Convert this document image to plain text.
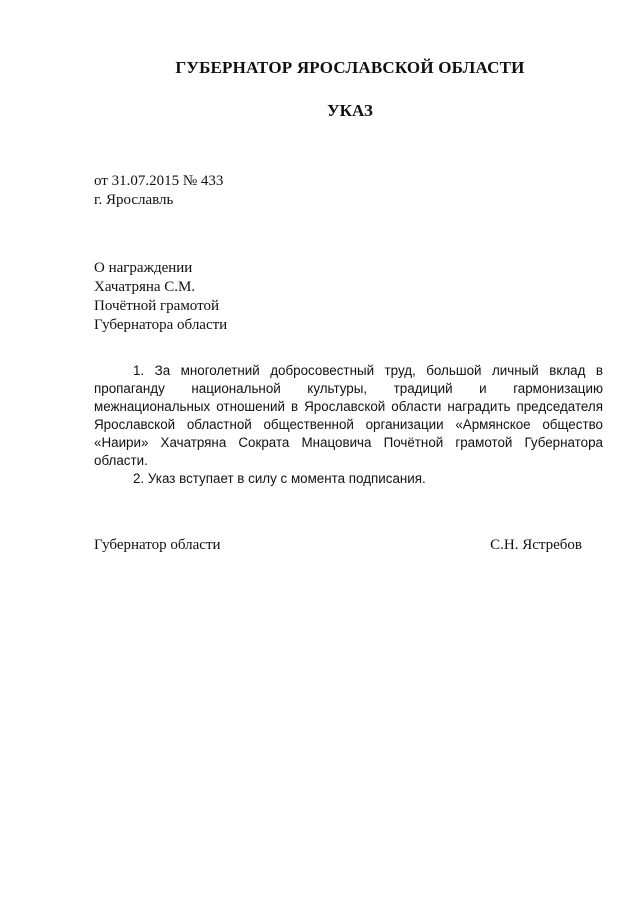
ГУБЕРНАТОР ЯРОСЛАВСКОЙ ОБЛАСТИ
УКАЗ
от 31.07.2015 № 433
г. Ярославль
О награждении
Хачатряна С.М.
Почётной грамотой
Губернатора области

1. За многолетний добросовестный труд, большой личный вклад в пропаганду национальной культуры, традиций и гармонизацию межнациональных отношений в Ярославской области наградить председателя Ярославской областной общественной организации «Армянское общество «Наири» Хачатряна Сократа Мнацовича Почётной грамотой Губернатора области.

2. Указ вступает в силу с момента подписания.

Губернатор области	С.Н. Ястребов
